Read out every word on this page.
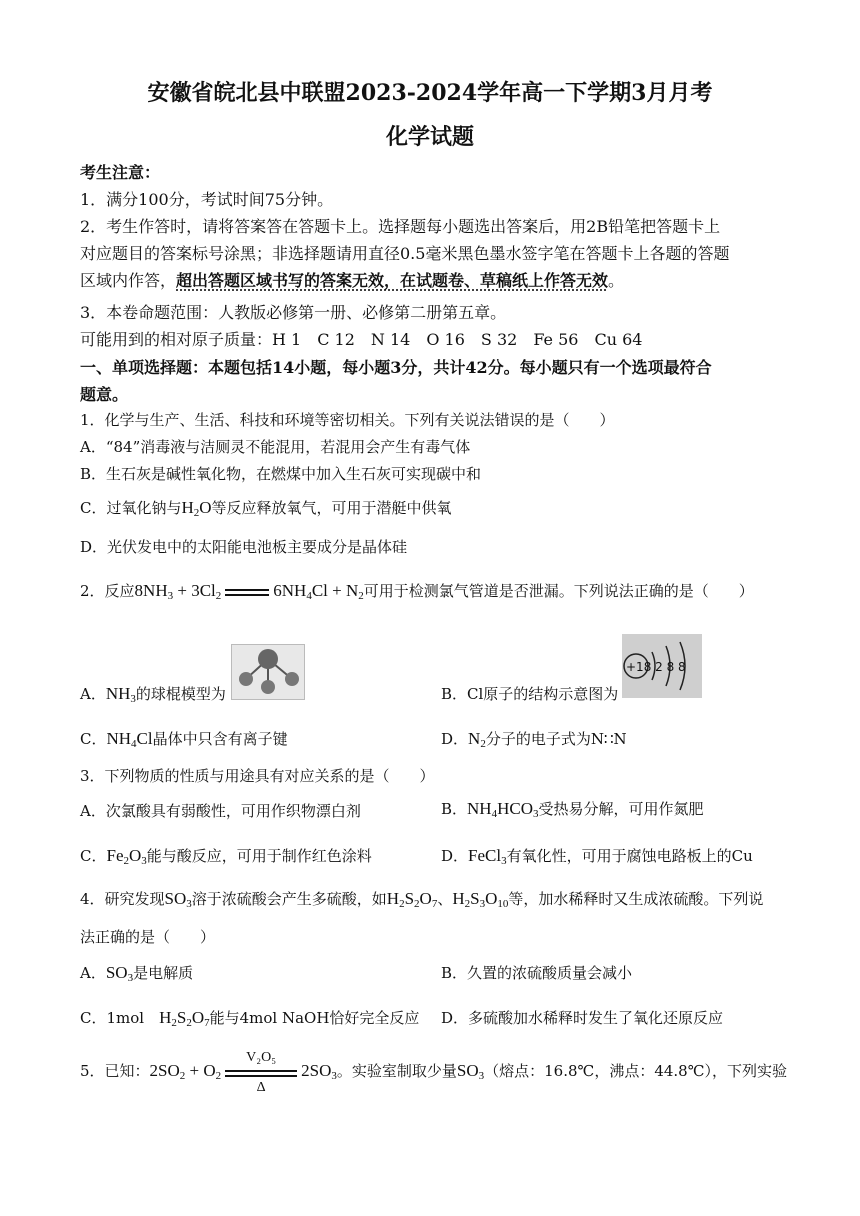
安徽省皖北县中联盟2023-2024学年高一下学期3月月考
化学试题
考生注意：
1．满分100分，考试时间75分钟。
2．考生作答时，请将答案答在答题卡上。选择题每小题选出答案后，用2B铅笔把答题卡上
对应题目的答案标号涂黑；非选择题请用直径0.5毫米黑色墨水签字笔在答题卡上各题的答题
区域内作答，超出答题区域书写的答案无效，在试题卷、草稿纸上作答无效。
3．本卷命题范围：人教版必修第一册、必修第二册第五章。
可能用到的相对原子质量：H 1　C 12　N 14　O 16　S 32　Fe 56　Cu 64
一、单项选择题：本题包括14小题，每小题3分，共计42分。每小题只有一个选项最符合
题意。
1．化学与生产、生活、科技和环境等密切相关。下列有关说法错误的是（　　）
A．“84”消毒液与洁厕灵不能混用，若混用会产生有毒气体
B．生石灰是碱性氧化物，在燃煤中加入生石灰可实现碳中和
C．过氧化钠与$H_2O$等反应释放氧气，可用于潜艇中供氧
D．光伏发电中的太阳能电池板主要成分是晶体硅
2．反应$8NH_3 + 3Cl_2$	$6NH_4Cl + N_2$可用于检测氯气管道是否泄漏。下列说法正确的是（　　）
A．$NH_3$的球棍模型为	B．Cl原子的结构示意图为
+18 2 8 8
C．$NH_4Cl$晶体中只含有离子键	D．$N_2$分子的电子式为N∷N
3．下列物质的性质与用途具有对应关系的是（　　）
A．次氯酸具有弱酸性，可用作织物漂白剂	B．$NH_4HCO_3$受热易分解，可用作氮肥
C．$Fe_2O_3$能与酸反应，可用于制作红色涂料	D．FeCl$_3$有氧化性，可用于腐蚀电路板上的Cu
4．研究发现$SO_3$溶于浓硫酸会产生多硫酸，如$H_2S_2O_7$、$H_2S_3O_{10}$等，加水稀释时又生成浓硫酸。下列说
法正确的是（　　）
A．$SO_3$是电解质	B．久置的浓硫酸质量会减小
C．1mol　$H_2S_2O_7$能与4mol NaOH恰好完全反应 D．多硫酸加水稀释时发生了氧化还原反应
5．已知：$2SO_2 + O_2 \frac{\text{V₂O₅}}{\Delta} 2SO_3$。实验室制取少量$SO_3$（熔点：16.8℃，沸点：44.8℃），下列实验
